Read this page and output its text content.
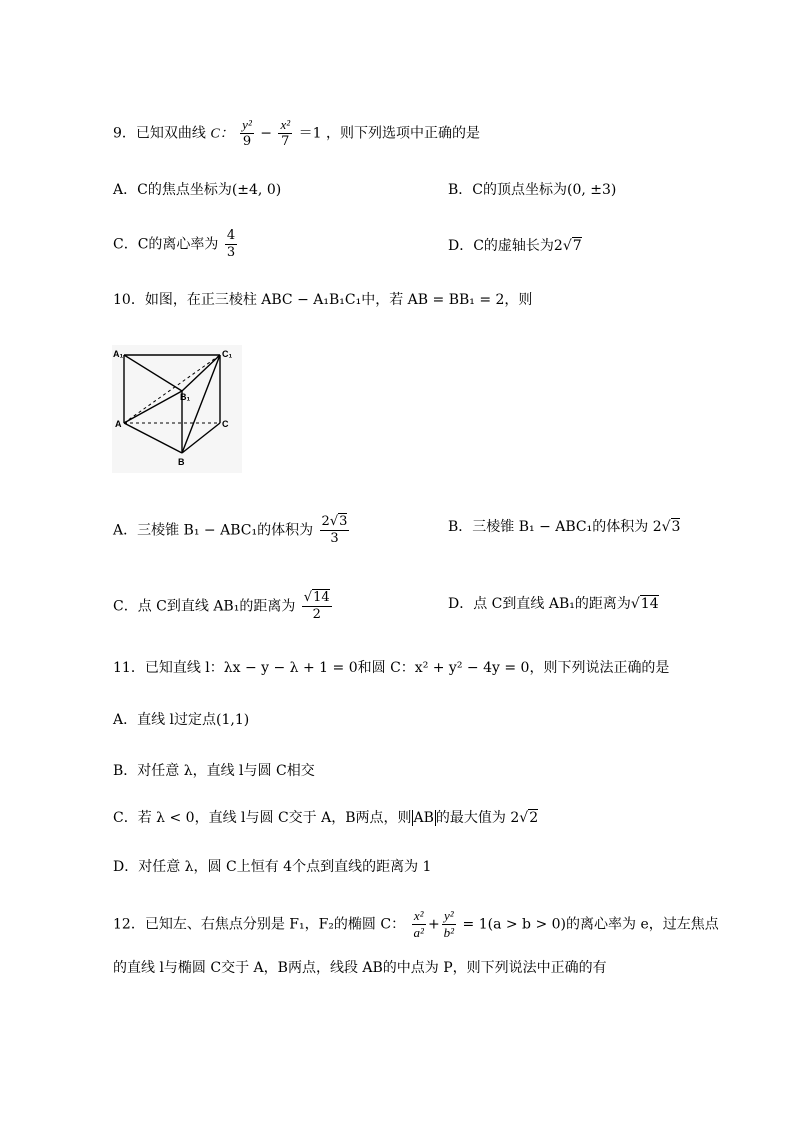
9．已知双曲线 C： $\frac{\text{y²}}{9} - \frac{\text{x²}}{7} =1$ ，则下列选项中正确的是
A．C的焦点坐标为(±4, 0)	B．C的顶点坐标为(0, ±3)
C．C的离心率为 $\frac{4}{3}$	D．C的虚轴长为2√7
10．如图，在正三棱柱 ABC − A₁B₁C₁中，若 AB = BB₁ = 2，则
A₁	C₁
B₁
A	C
B
A．三棱锥 B₁ − ABC₁的体积为 $\frac{2√3}{3}$	B．三棱锥 B₁ − ABC₁的体积为 2√3
C．点 C到直线 AB₁的距离为 $\frac{√14}{2}$	D．点 C到直线 AB₁的距离为√14
11．已知直线 l：λx − y − λ + 1 = 0和圆 C：x² + y² − 4y = 0，则下列说法正确的是
A．直线 l过定点(1,1)
B．对任意 λ，直线 l与圆 C相交
C．若 λ < 0，直线 l与圆 C交于 A，B两点，则 AB 的最大值为 2√2
D．对任意 λ，圆 C上恒有 4个点到直线的距离为 1
12．已知左、右焦点分别是 F₁，F₂的椭圆 C： $\frac{\text{x²}}{\text{a²}} + \frac{\text{y²}}{\text{b²}} = 1(a > b > 0)$的离心率为 e，过左焦点
的直线 l与椭圆 C交于 A，B两点，线段 AB的中点为 P，则下列说法中正确的有
